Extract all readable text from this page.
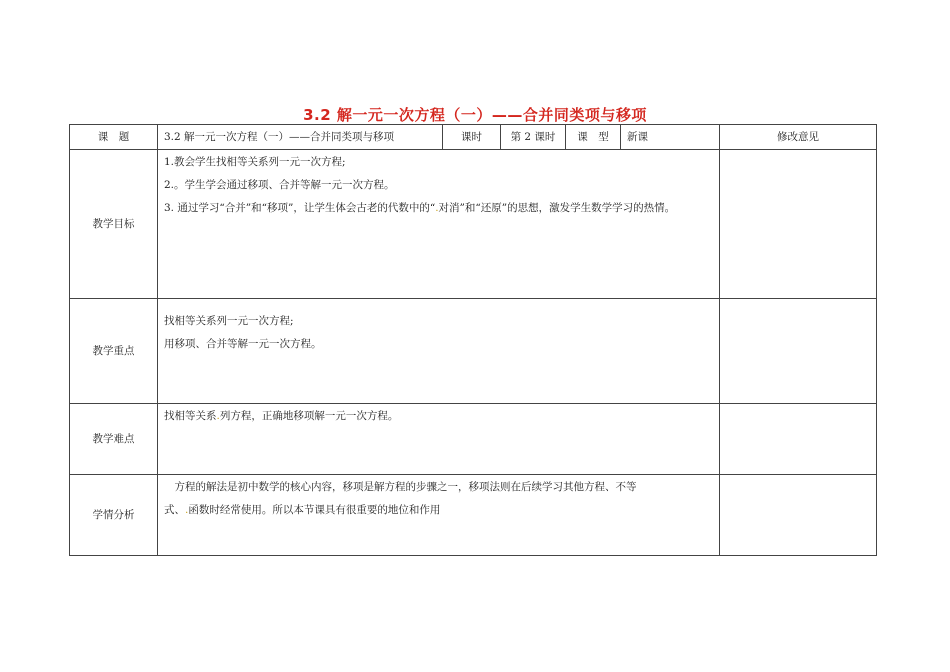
3.2 解一元一次方程（一）——合并同类项与移项
课　题	3.2 解一元一次方程（一）——合并同类项与移项	课时	第 2 课时	课　型	新课	修改意见
教学目标	1.教会学生找相等关系列一元一次方程;
2.。学生学会通过移项、合并等解一元一次方程。
3. 通过学习“合并”和“移项”，让学生体会古老的代数中的“.对消”和“还原”的思想，激发学生数学学习的热情。					

教学重点	找相等关系列一元一次方程;
用移项、合并等解一元一次方程。					

教学难点	找相等关系.列方程，正确地移项解一元一次方程。					

学情分析	　方程的解法是初中数学的核心内容，移项是解方程的步骤之一，移项法则在后续学习其他方程、不等
式、.函数时经常使用。所以本节课具有很重要的地位和作用					
